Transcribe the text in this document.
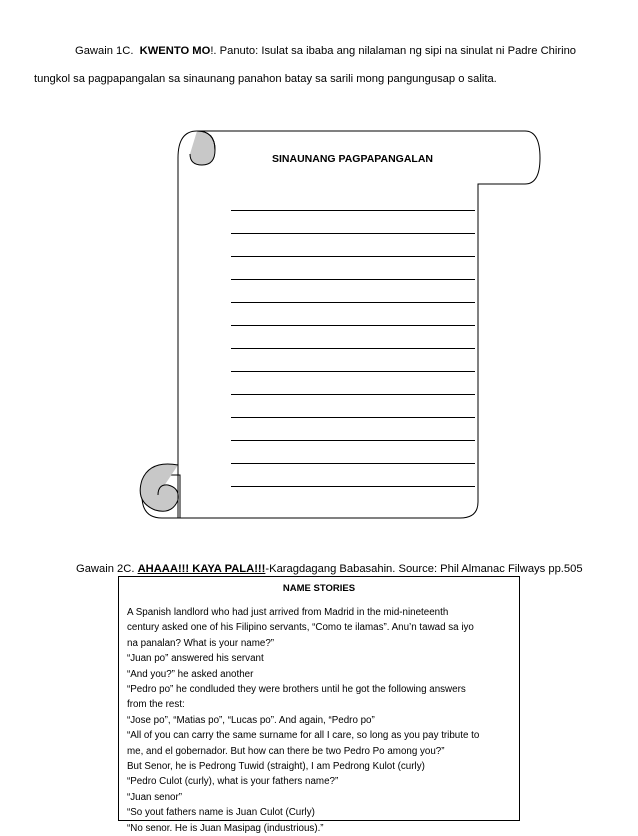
Gawain 1C. KWENTO MO!. Panuto: Isulat sa ibaba ang nilalaman ng sipi na sinulat ni Padre Chirino tungkol sa pagpapangalan sa sinaunang panahon batay sa sarili mong pangungusap o salita.
SINAUNANG PAGPAPANGALAN
Gawain 2C. AHAAA!!! KAYA PALA!!!-Karagdagang Babasahin. Source: Phil Almanac Filways pp.505
NAME STORIES
A Spanish landlord who had just arrived from Madrid in the mid-nineteenth
century asked one of his Filipino servants, “Como te ilamas”. Anu’n tawad sa iyo
na panalan? What is your name?”
“Juan po” answered his servant
“And you?” he asked another
“Pedro po” he condluded they were brothers until he got the following answers
from the rest:
“Jose po”, “Matias po”, “Lucas po”. And again, “Pedro po”
“All of you can carry the same surname for all I care, so long as you pay tribute to
me, and el gobernador. But how can there be two Pedro Po among you?”
But Senor, he is Pedrong Tuwid (straight), I am Pedrong Kulot (curly)
“Pedro Culot (curly), what is your fathers name?”
“Juan senor”
“So yout fathers name is Juan Culot (Curly)
“No senor. He is Juan Masipag (industrious).”
